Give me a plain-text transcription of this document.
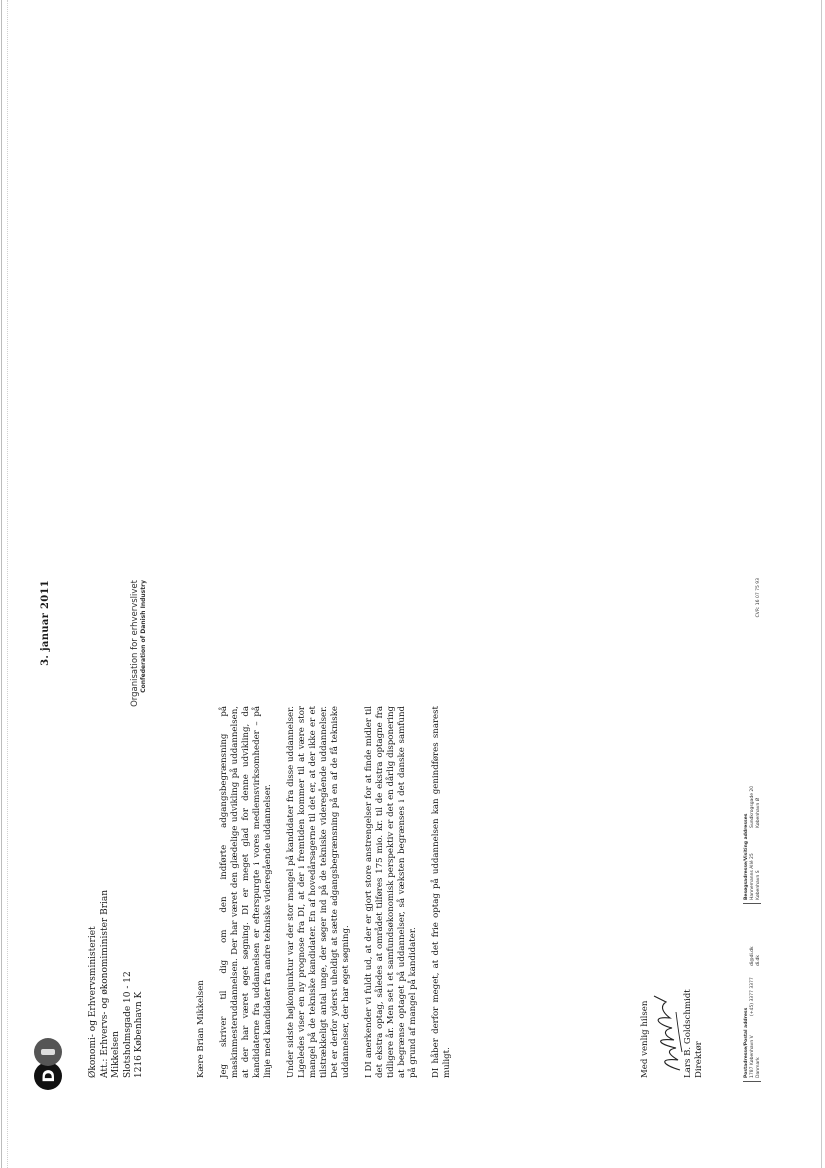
D
3. januar 2011
Økonomi- og Erhvervsministeriet Att.: Erhvervs- og økonomiminister Brian Mikkelsen Slotsholmsgade 10 - 12 1216 København K
Organisation for erhvervslivet Confederation of Danish Industry
Kære Brian Mikkelsen Jeg skriver til dig om den indførte adgangsbegrænsning på maskinmesteruddannelsen. Der har været den glædelige udvikling på uddannelsen, at der har været øget søgning. DI er meget glad for denne udvikling, da kandidaterne fra uddannelsen er efterspurgte i vores medlemsvirksomheder – på linje med kandidater fra andre tekniske videregående uddannelser. Under sidste højkonjunktur var der stor mangel på kandidater fra disse uddannelser. Ligeledes viser en ny prognose fra DI, at der i fremtiden kommer til at være stor mangel på de tekniske kandidater. En af hovedårsagerne til det er, at der ikke er et tilstrækkeligt antal unge, der søger ind på de tekniske videregående uddannelser. Det er derfor yderst uheldigt at sætte adgangsbegrænsning på en af de få tekniske uddannelser, der har øget søgning. I DI anerkender vi fuldt ud, at der er gjort store anstrengelser for at finde midler til det ekstra optag, således at området tilføres 175 mio. kr. til de ekstra optagne fra tidligere år. Men set i et samfundsøkonomisk perspektiv er det en dårlig disponering at begrænse optaget på uddannelser, så væksten begrænses i det danske samfund på grund af mangel på kandidater. DI håber derfor meget, at det frie optag på uddannelsen kan genindføres snarest muligt.	Med venlig hilsen	Lars B. Goldschmidt Direktør	Postadresse/Postal address 1787 København V Danmark
(+45) 3377 3377
di@di.dk di.dk
Besøgsadresse/Visiting addresses Hannemanns Allé 25 København S
Sundkrogsgade 20 København Ø
CVR: 16 07 75 93
